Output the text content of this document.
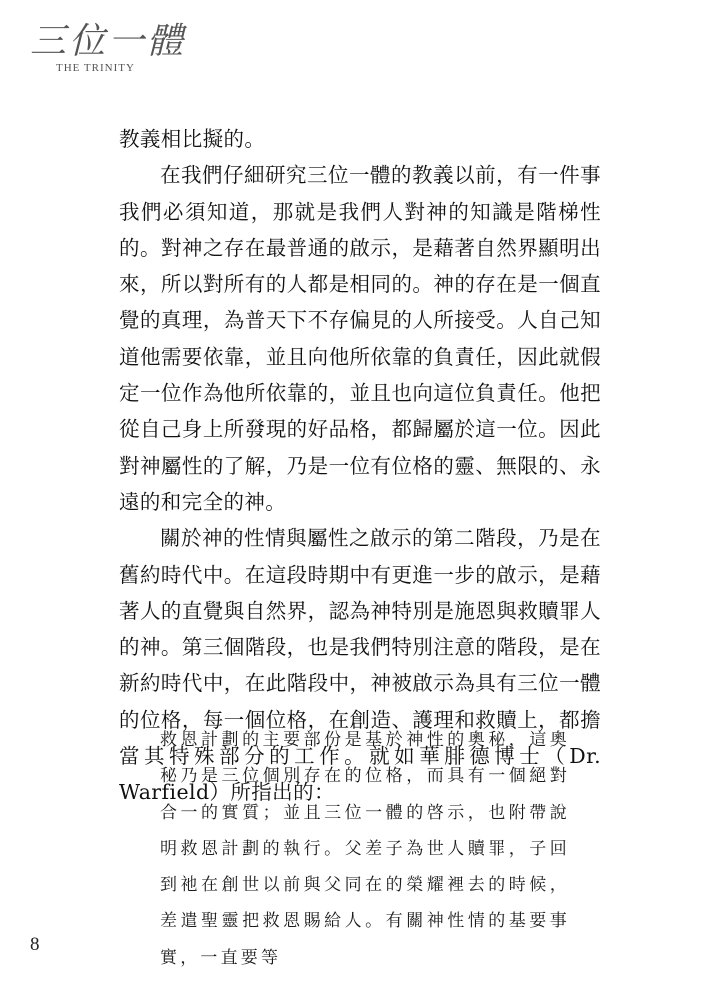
三位一體
THE TRINITY

教義相比擬的。

在我們仔細研究三位一體的教義以前，有一件事我們必須知道，那就是我們人對神的知識是階梯性的。對神之存在最普通的啟示，是藉著自然界顯明出來，所以對所有的人都是相同的。神的存在是一個直覺的真理，為普天下不存偏見的人所接受。人自己知道他需要依靠，並且向他所依靠的負責任，因此就假定一位作為他所依靠的，並且也向這位負責任。他把從自己身上所發現的好品格，都歸屬於這一位。因此對神屬性的了解，乃是一位有位格的靈、無限的、永遠的和完全的神。

關於神的性情與屬性之啟示的第二階段，乃是在舊約時代中。在這段時期中有更進一步的啟示，是藉著人的直覺與自然界，認為神特別是施恩與救贖罪人的神。第三個階段，也是我們特別注意的階段，是在新約時代中，在此階段中，神被啟示為具有三位一體的位格，每一個位格，在創造、護理和救贖上，都擔當其特殊部分的工作。就如華腓德博士（Dr. Warfield）所指出的：

救恩計劃的主要部份是基於神性的奧秘，這奧秘乃是三位個別存在的位格，而具有一個絕對合一的實質；並且三位一體的啓示，也附帶說明救恩計劃的執行。父差子為世人贖罪，子回到祂在創世以前與父同在的榮耀裡去的時候，差遣聖靈把救恩賜給人。有關神性情的基要事實，一直要等

8
